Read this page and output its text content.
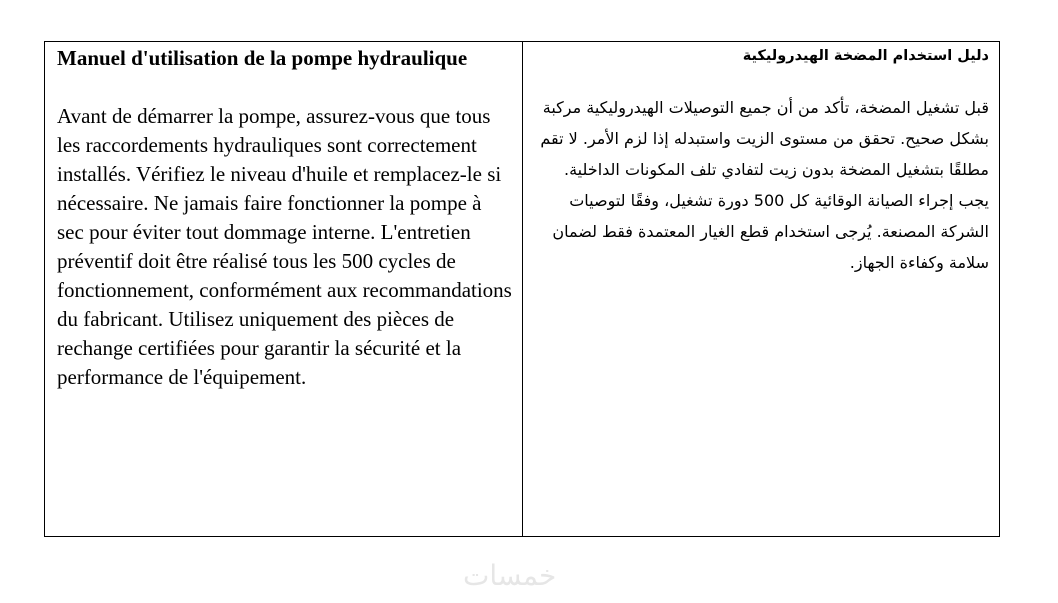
Manuel d'utilisation de la pompe hydraulique

Avant de démarrer la pompe, assurez-vous que tous les raccordements hydrauliques sont correctement installés. Vérifiez le niveau d'huile et remplacez-le si nécessaire. Ne jamais faire fonctionner la pompe à sec pour éviter tout dommage interne. L'entretien préventif doit être réalisé tous les 500 cycles de fonctionnement, conformément aux recommandations du fabricant. Utilisez uniquement des pièces de rechange certifiées pour garantir la sécurité et la performance de l'équipement.

دليل استخدام المضخة الهيدروليكية

قبل تشغيل المضخة، تأكد من أن جميع التوصيلات الهيدروليكية مركبة بشكل صحيح. تحقق من مستوى الزيت واستبدله إذا لزم الأمر. لا تقم مطلقًا بتشغيل المضخة بدون زيت لتفادي تلف المكونات الداخلية. يجب إجراء الصيانة الوقائية كل 500 دورة تشغيل، وفقًا لتوصيات الشركة المصنعة. يُرجى استخدام قطع الغيار المعتمدة فقط لضمان سلامة وكفاءة الجهاز.

خمسات
